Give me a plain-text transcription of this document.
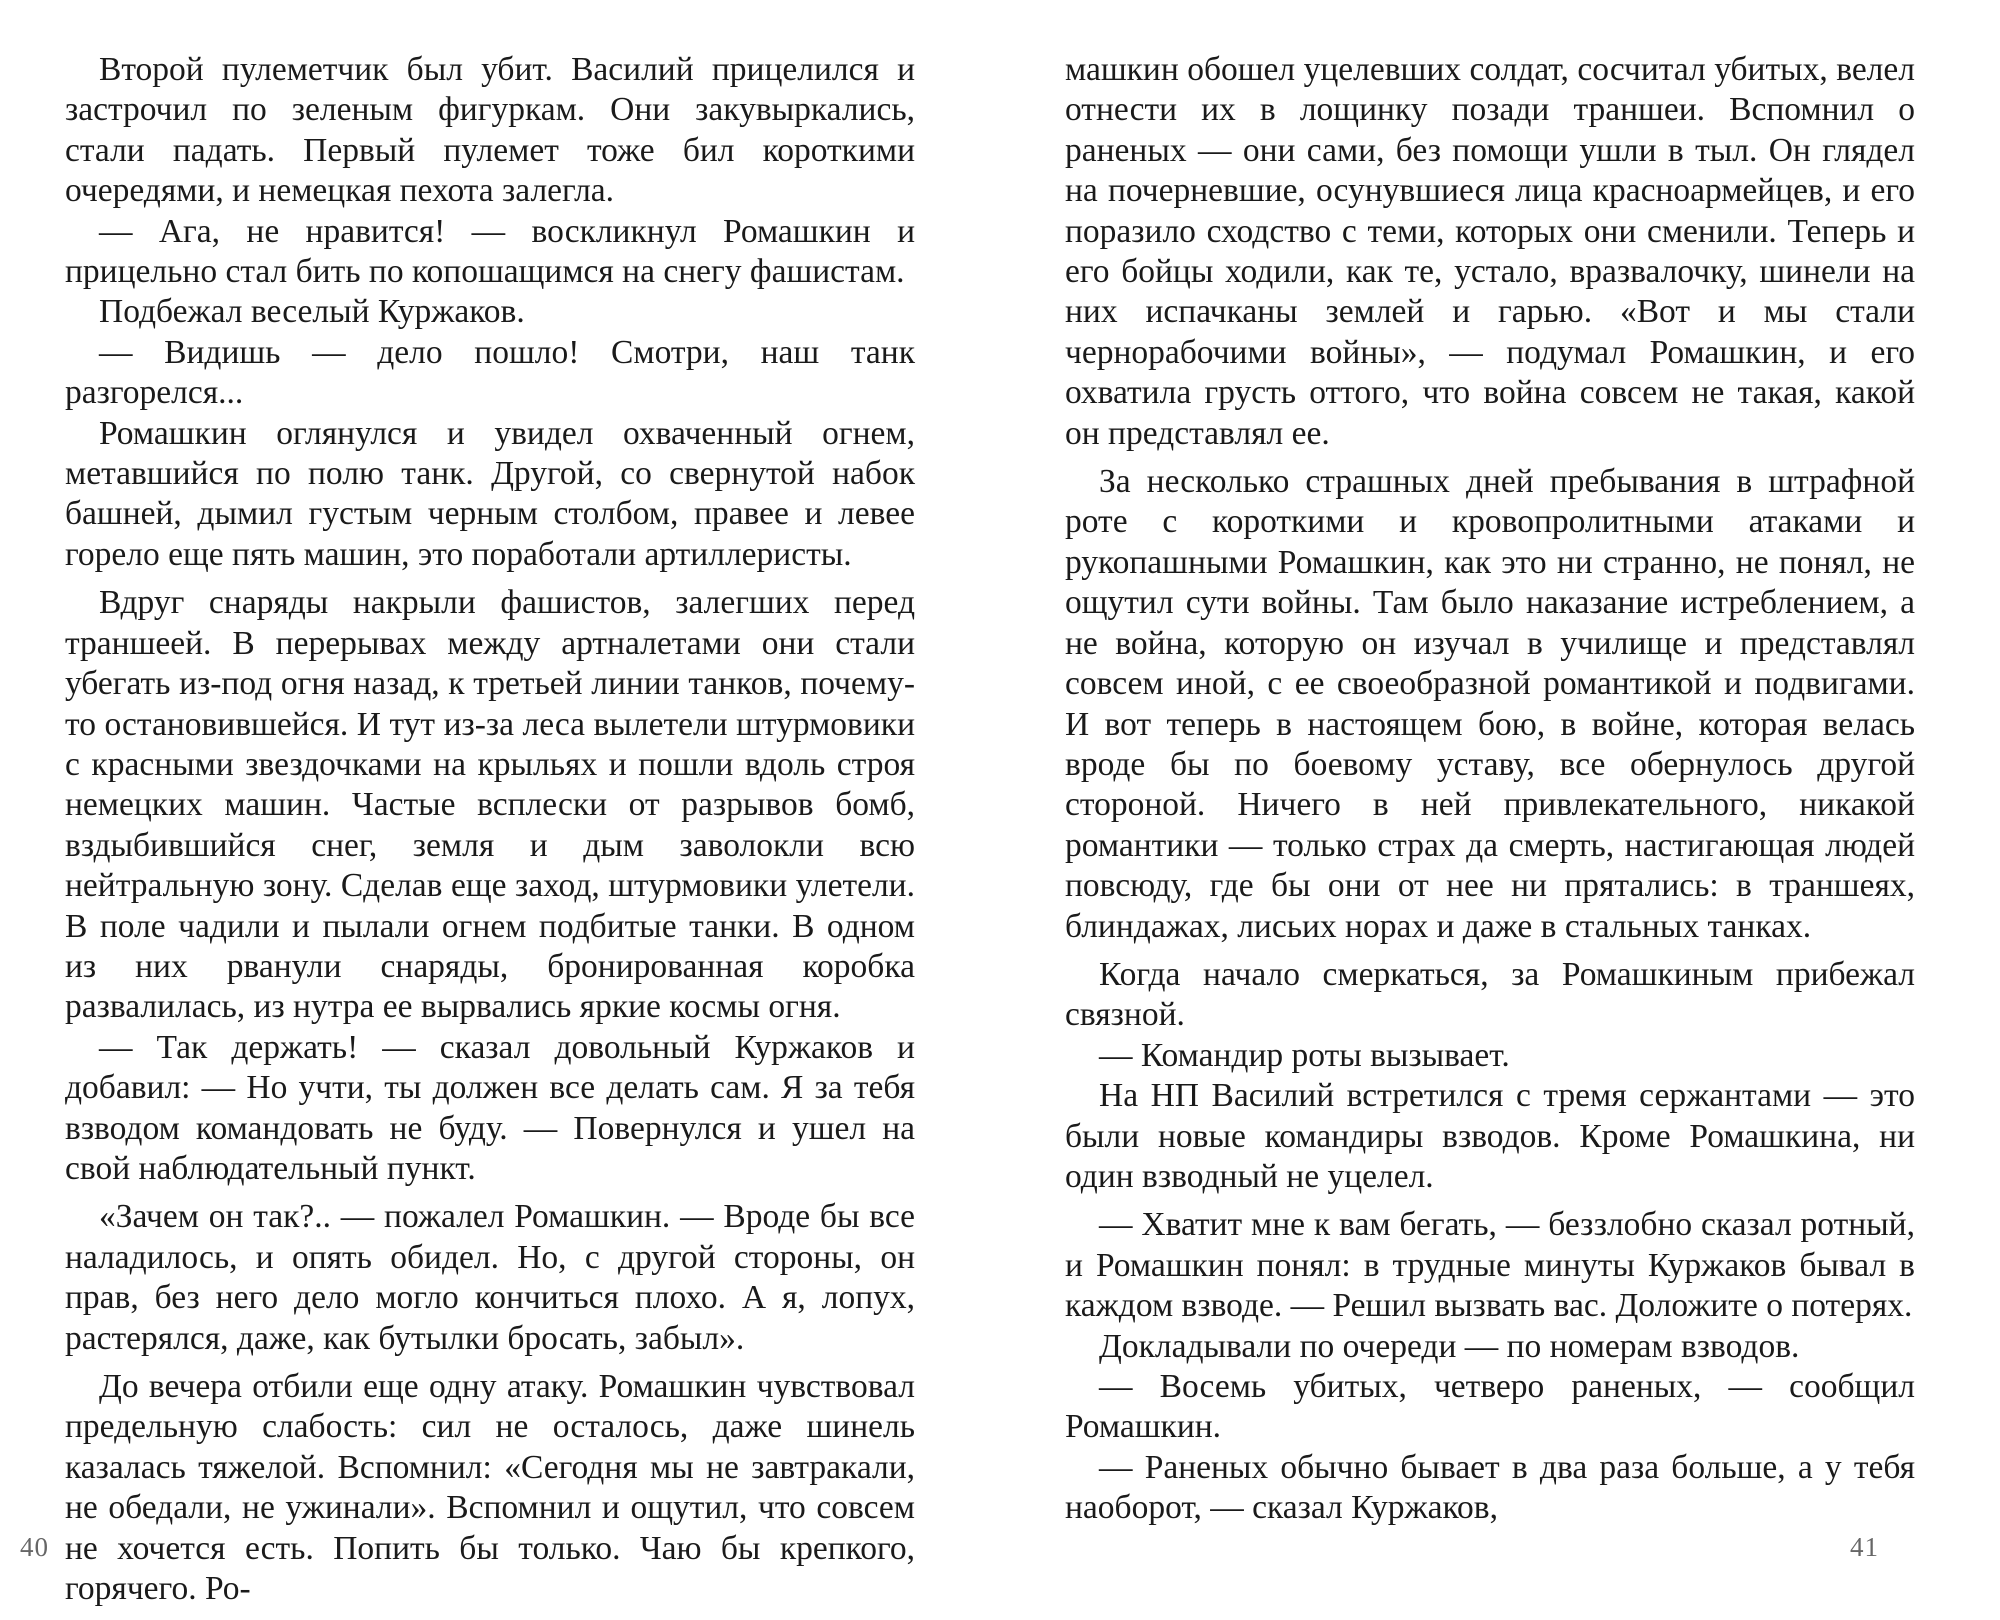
Второй пулеметчик был убит. Василий прицелился и застрочил по зеленым фигуркам. Они закувыркались, стали падать. Первый пулемет тоже бил короткими очередями, и немецкая пехота залегла.

— Ага, не нравится! — воскликнул Ромашкин и прицельно стал бить по копошащимся на снегу фашистам.

Подбежал веселый Куржаков.

— Видишь — дело пошло! Смотри, наш танк разгорелся...

Ромашкин оглянулся и увидел охваченный огнем, метавшийся по полю танк. Другой, со свернутой набок башней, дымил густым черным столбом, правее и левее горело еще пять машин, это поработали артиллеристы.

Вдруг снаряды накрыли фашистов, залегших перед траншеей. В перерывах между артналетами они стали убегать из-под огня назад, к третьей линии танков, почему-то остановившейся. И тут из-за леса вылетели штурмовики с красными звездочками на крыльях и пошли вдоль строя немецких машин. Частые всплески от разрывов бомб, вздыбившийся снег, земля и дым заволокли всю нейтральную зону. Сделав еще заход, штурмовики улетели. В поле чадили и пылали огнем подбитые танки. В одном из них рванули снаряды, бронированная коробка развалилась, из нутра ее вырвались яркие космы огня.

— Так держать! — сказал довольный Куржаков и добавил: — Но учти, ты должен все делать сам. Я за тебя взводом командовать не буду. — Повернулся и ушел на свой наблюдательный пункт.

«Зачем он так?.. — пожалел Ромашкин. — Вроде бы все наладилось, и опять обидел. Но, с другой стороны, он прав, без него дело могло кончиться плохо. А я, лопух, растерялся, даже, как бутылки бросать, забыл».

До вечера отбили еще одну атаку. Ромашкин чувствовал предельную слабость: сил не осталось, даже шинель казалась тяжелой. Вспомнил: «Сегодня мы не завтракали, не обедали, не ужинали». Вспомнил и ощутил, что совсем не хочется есть. Попить бы только. Чаю бы крепкого, горячего. Ро-

машкин обошел уцелевших солдат, сосчитал убитых, велел отнести их в лощинку позади траншеи. Вспомнил о раненых — они сами, без помощи ушли в тыл. Он глядел на почерневшие, осунувшиеся лица красноармейцев, и его поразило сходство с теми, которых они сменили. Теперь и его бойцы ходили, как те, устало, вразвалочку, шинели на них испачканы землей и гарью. «Вот и мы стали чернорабочими войны», — подумал Ромашкин, и его охватила грусть оттого, что война совсем не такая, какой он представлял ее.

За несколько страшных дней пребывания в штрафной роте с короткими и кровопролитными атаками и рукопашными Ромашкин, как это ни странно, не понял, не ощутил сути войны. Там было наказание истреблением, а не война, которую он изучал в училище и представлял совсем иной, с ее своеобразной романтикой и подвигами. И вот теперь в настоящем бою, в войне, которая велась вроде бы по боевому уставу, все обернулось другой стороной. Ничего в ней привлекательного, никакой романтики — только страх да смерть, настигающая людей повсюду, где бы они от нее ни прятались: в траншеях, блиндажах, лисьих норах и даже в стальных танках.

Когда начало смеркаться, за Ромашкиным прибежал связной.

— Командир роты вызывает.

На НП Василий встретился с тремя сержантами — это были новые командиры взводов. Кроме Ромашкина, ни один взводный не уцелел.

— Хватит мне к вам бегать, — беззлобно сказал ротный, и Ромашкин понял: в трудные минуты Куржаков бывал в каждом взводе. — Решил вызвать вас. Доложите о потерях.

Докладывали по очереди — по номерам взводов.

— Восемь убитых, четверо раненых, — сообщил Ромашкин.

— Раненых обычно бывает в два раза больше, а у тебя наоборот, — сказал Куржаков,

40	41
